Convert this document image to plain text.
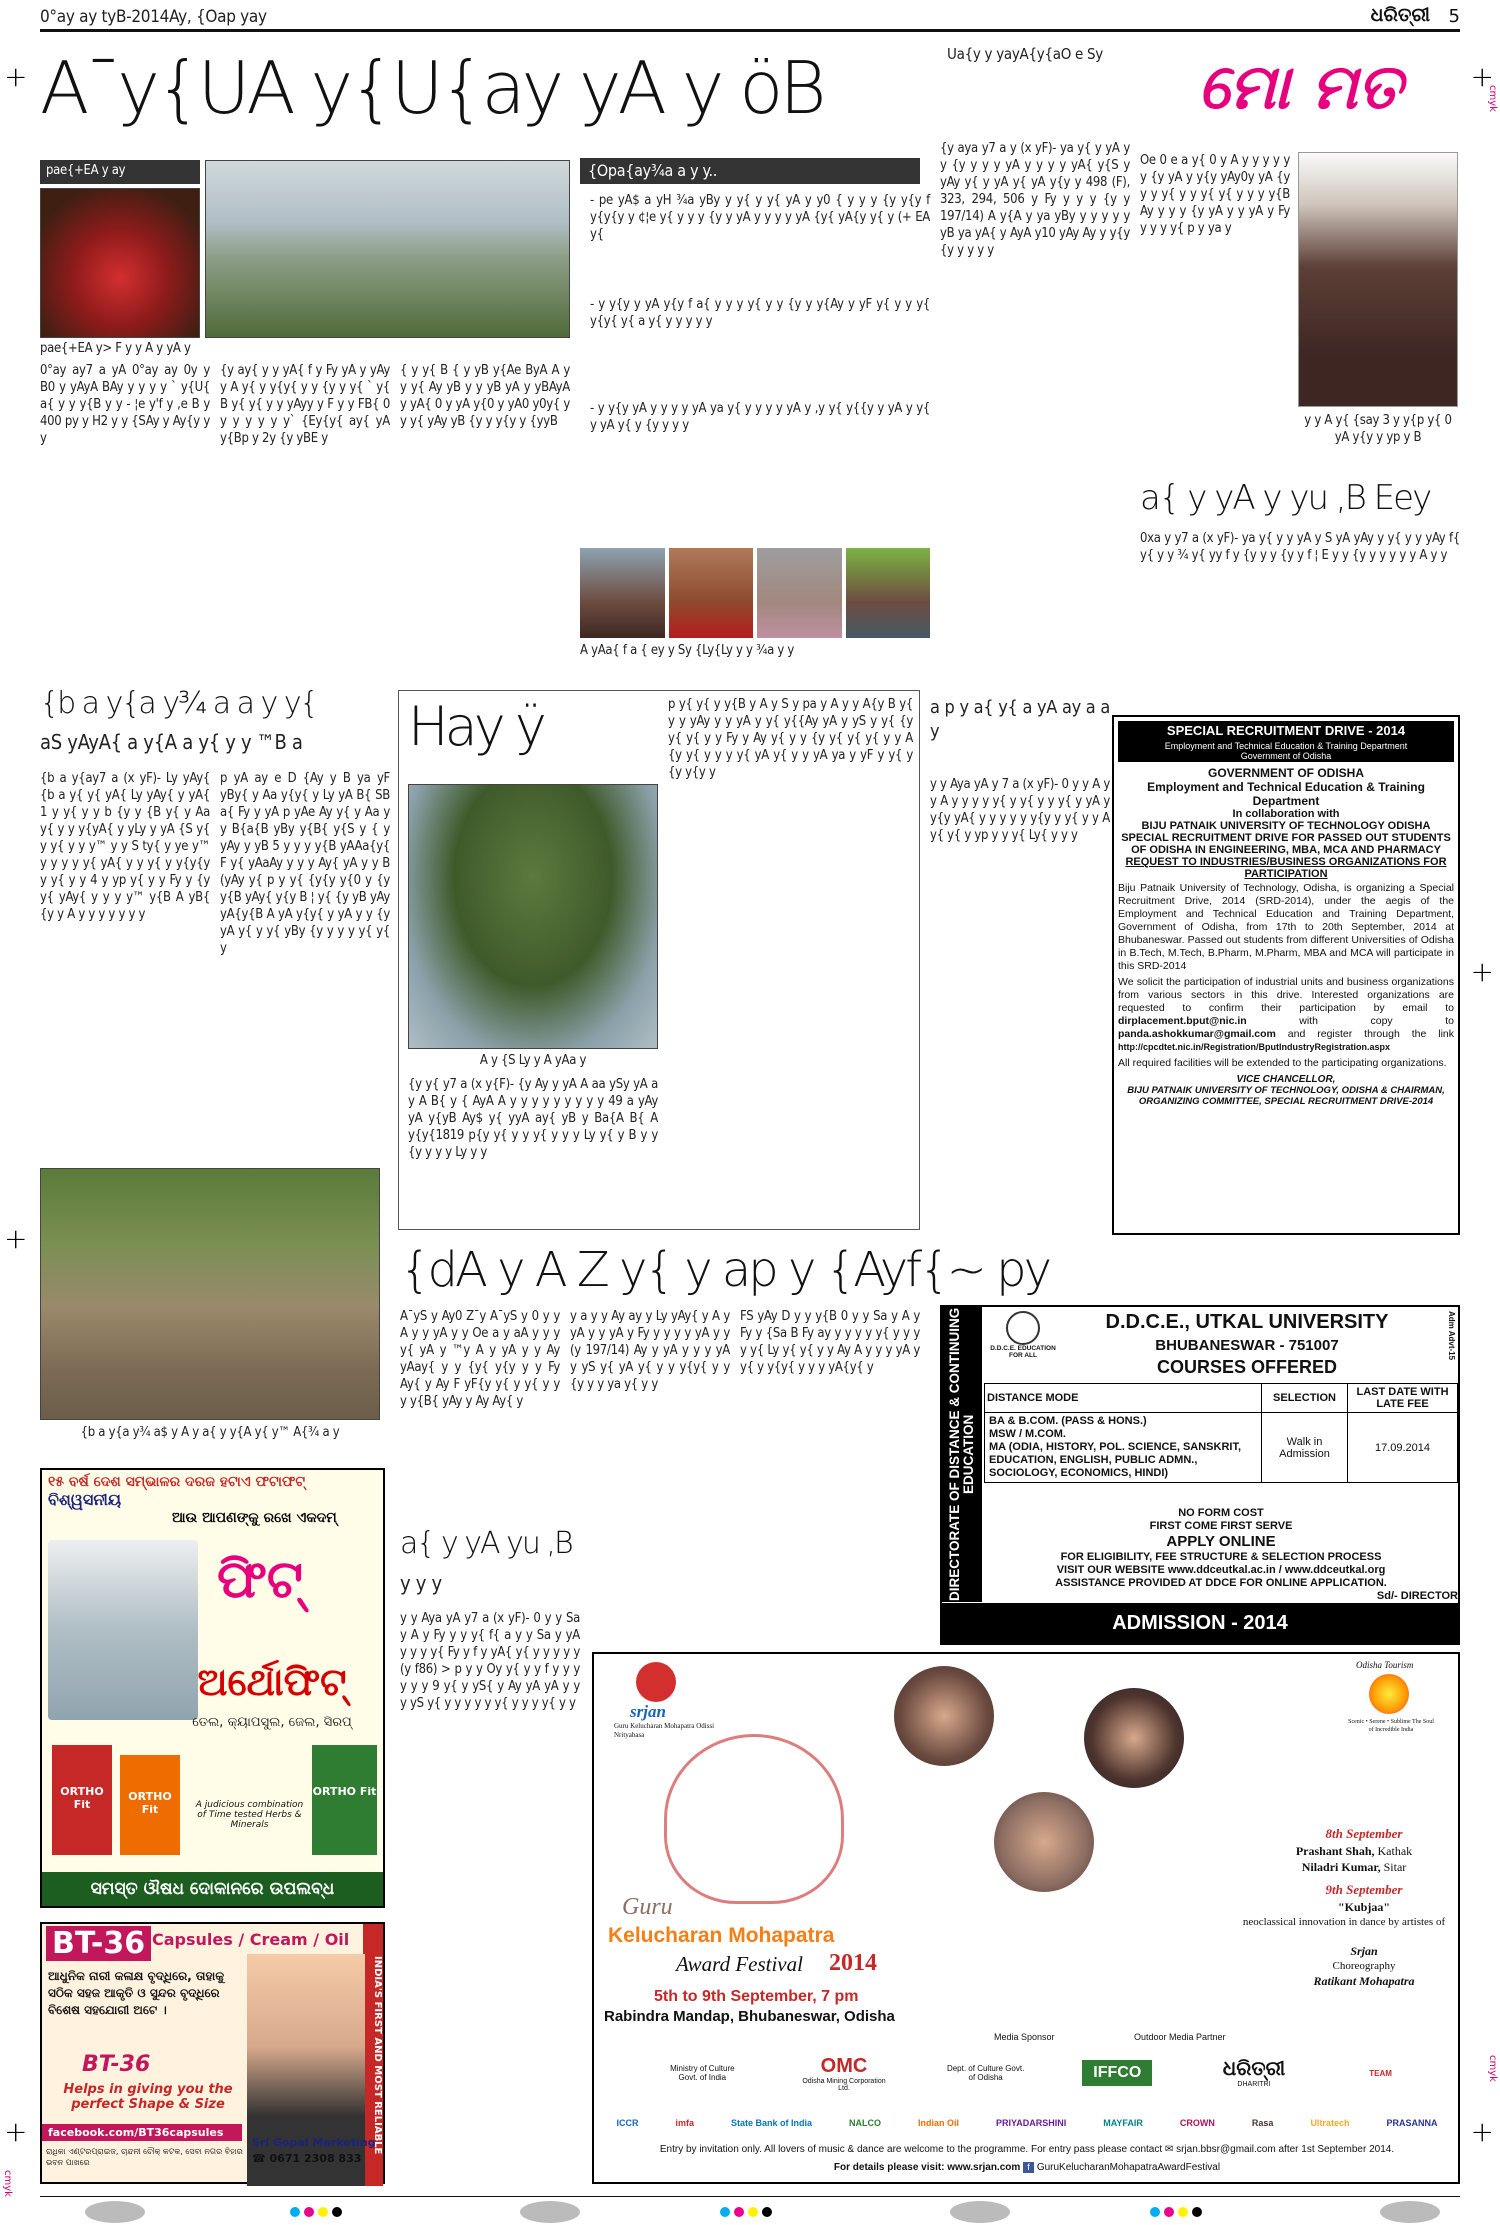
0°ay ay tyB-2014Ay, {Oap yay	ଧରିତ୍ରୀ 5
+
+
+
+
+
+
cmyk
cmyk
cmyk
A¯y{UA y{U{ay yA y öB
pae{+EA y ay
pae{+EA y> F y y A y yA y
0°ay ay7 a yA 0°ay ay 0y y B0 y yAyA BAy y y y y ` y{U{ a{ y y y{B y y - ¦e y'f y ,e B y 400 py y H2 y y {SAy y Ay{y y y
{y ay{ y y yA{ f y Fy yA y yAy y A y{ y y{y{ y y {y y y{ ` y{ B y{ y{ y y yAyy y F y y FB{ 0 y y y y y y` {Ey{y{ ay{ yA y{Bp y 2y {y yBE y
{ y y{ B { y yB y{Ae ByA A y y y{ Ay yB y y yB yA y yBAyA y yA{ 0 y yA y{0 y yA0 y0y{ y y y{ yAy yB {y y y{y y {yyB
Ua{y y yayA{y{aO e Sy
{Opa{ay¾a a y y..
- pe yA$ a yH ¾a yBy y y{ y y{ yA y y0 { y y y {y y{y f y{y{y y ¢¦e y{ y y y {y y yA y y y y yA {y{ yA{y y{ y (+ EA y{
- y y{y y yA y{y f a{ y y y y{ y y {y y y{Ay y yF y{ y y y{ y{y{ y{ a y{ y y y y y
- y y{y yA y y y y yA ya y{ y y y y yA y ,y y{ y{{y y yA y y{ y yA y{ y {y y y y
{y aya y7 a y (x yF)- ya y{ y yA y y {y y y y yA y y y y yA{ y{S y yAy y{ y yA y{ yA y{y y 498 (F), 323, 294, 506 y Fy y y y {y y 197/14) A y{A y ya yBy y y y y y yB ya yA{ y AyA y10 yAy Ay y y{y {y y y y y
A yAa{ f a { ey y Sy {Ly{Ly y y ¾a y y
ମୋ ମତ
Oe 0 e a y{ 0 y A y y y y y y {y yA y y{y yAy0y yA {y y y y{ y y y{ y{ y y y y{B Ay y y y {y yA y y yA y Fy y y y y{ p y ya y
y y A y{ {say 3 y y{p y{ 0 yA y{y y yp y B
a{ y yA y yu ,B Eey
0xa y y7 a (x yF)- ya y{ y y yA y S yA yAy y y{ y y yAy f{ y{ y y ¾ y{ yy f y {y y y {y y f ¦ E y y {y y y y y y A y y
{b a y{a y¾ a a y y{
aS yAyA{ a y{A a y{ y y ™B a
{b a y{ay7 a (x yF)- Ly yAy{ {b a y{ y{ yA{ Ly yAy{ y yA{ 1 y y{ y y b {y y {B y{ y Aa y{ y y y{yA{ y yLy y yA {S y{ y y{ y y y™ y y S ty{ y ye y™ y y y y y{ yA{ y y y{ y y{y{y y y{ y y 4 y yp y{ y y Fy y {y y{ yAy{ y y y y™ y{B A yB{ {y y A y y y y y y y
p yA ay e D {Ay y B ya yF yBy{ y Aa y{y{ y Ly yA B{ SB a{ Fy y yA p yAe Ay y{ y Aa y y B{a{B yBy y{B{ y{S y { y yAy y yB 5 y y y y{B yAAa{y{ F y{ yAaAy y y y Ay{ yA y y B (yAy y{ p y y{ {y{y y{0 y {y y{B yAy{ y{y B ¦ y{ {y yB yAy yA{y{B A yA y{y{ y yA y y {y yA y{ y y{ yBy {y y y y y{ y{ y
{b a y{a y¾ a$ y A y a{ y y{A y{ y™ A{¾ a y
Hay ÿ
A y {S Ly y A yAa y
{y y{ y7 a (x y{F)- {y Ay y yA A aa ySy yA a y A B{ y { AyA A y y y y y y y y y 49 a yAy yA y{yB Ay$ y{ yyA ay{ yB y Ba{A B{ A y{y{1819 p{y y{ y y y{ y y y Ly y{ y B y y {y y y y Ly y y
p y{ y{ y y{B y A y S y pa y A y y A{y B y{ y y yAy y y yA y y{ y{{Ay yA y yS y y{ {y y{ y{ y y Fy y Ay y{ y y {y y{ y{ y{ y y A {y y{ y y y y{ yA y{ y y yA ya y yF y y{ y {y y{y y
a p y a{ y{ a yA ay a a y
y y Aya yA y 7 a (x yF)- 0 y y A y y A y y y y y{ y y{ y y y{ y yA y y{y yA{ y y y y y y{y y y{ y y A y{ y{ y yp y y y{ Ly{ y y y
{dA y A Z y{ y ap y {Ayf{~ py
A¯yS y Ay0 Z¯y A¯yS y 0 y y A y y yA y y Oe a y aA y y y y{ yA y ™y A y yA y y Ay yAay{ y y {y{ y{y y y Fy Ay{ y Ay F yF{y y{ y y{ y y y y{B{ yAy y Ay Ay{ y
y a y y Ay ay y Ly yAy{ y A y yA y y yA y Fy y y y y yA y y (y 197/14) Ay y yA y y y yA y yS y{ yA y{ y y y{y{ y y {y y y ya y{ y y
FS yAy D y y y{B 0 y y Sa y A y Fy y {Sa B Fy ay y y y y y{ y y y y y{ Ly y{ y{ y y Ay A y y y yA y y{ y y{y{ y y y yA{y{ y
a{ y yA yu ,B
y y y
y y Aya yA y7 a (x yF)- 0 y y Sa y A y Fy y y y{ f{ a y y Sa y yA y y y y{ Fy y f y yA{ y{ y y y y y (y f86) > p y y Oy y{ y y f y y y y y y 9 y{ y yS{ y Ay yA yA y y y yS y{ y y y y y y{ y y y y{ y y
SPECIAL RECRUITMENT DRIVE - 2014
Employment and Technical Education & Training Department Government of Odisha
GOVERNMENT OF ODISHA
Employment and Technical Education & Training Department
In collaboration with
BIJU PATNAIK UNIVERSITY OF TECHNOLOGY ODISHA
SPECIAL RECRUITMENT DRIVE FOR PASSED OUT STUDENTS OF ODISHA IN ENGINEERING, MBA, MCA AND PHARMACY
REQUEST TO INDUSTRIES/BUSINESS ORGANIZATIONS FOR PARTICIPATION
Biju Patnaik University of Technology, Odisha, is organizing a Special Recruitment Drive, 2014 (SRD-2014), under the aegis of the Employment and Technical Education and Training Department, Government of Odisha, from 17th to 20th September, 2014 at Bhubaneswar. Passed out students from different Universities of Odisha in B.Tech, M.Tech, B.Pharm, M.Pharm, MBA and MCA will participate in this SRD-2014
We solicit the participation of industrial units and business organizations from various sectors in this drive. Interested organizations are requested to confirm their participation by email to dirplacement.bput@nic.in with copy to panda.ashokkumar@gmail.com and register through the link http://cpcdtet.nic.in/Registration/BputIndustryRegistration.aspx
All required facilities will be extended to the participating organizations.
VICE CHANCELLOR,
BIJU PATNAIK UNIVERSITY OF TECHNOLOGY, ODISHA & CHAIRMAN, ORGANIZING COMMITTEE, SPECIAL RECRUITMENT DRIVE-2014
DIRECTORATE OF DISTANCE & CONTINUING EDUCATION
D.D.C.E. EDUCATION FOR ALL
D.D.C.E., UTKAL UNIVERSITY
BHUBANESWAR - 751007
COURSES OFFERED
Adm Advt-15
DISTANCE MODE	SELECTION	LAST DATE WITH LATE FEE

BA & B.COM. (PASS & HONS.)
MSW / M.COM.
MA (ODIA, HISTORY, POL. SCIENCE, SANSKRIT, EDUCATION, ENGLISH, PUBLIC ADMN., SOCIOLOGY, ECONOMICS, HINDI)	Walk in Admission	17.09.2014
NO FORM COST
FIRST COME FIRST SERVE
APPLY ONLINE
FOR ELIGIBILITY, FEE STRUCTURE & SELECTION PROCESS
VISIT OUR WEBSITE www.ddceutkal.ac.in / www.ddceutkal.org
ASSISTANCE PROVIDED AT DDCE FOR ONLINE APPLICATION.
Sd/- DIRECTOR
ADMISSION - 2014
୧୫ ବର୍ଷ ଦେଶ ସମ୍ଭାଳର ଦରଜ ହଟାଏ ଫଟାଫଟ୍
ବିଶ୍ୱସନୀୟ
ଆଉ ଆପଣଙ୍କୁ ରଖେ ଏକଦମ୍
ଫିଟ୍
ଅର୍ଥୋଫିଟ୍
ତେଲ, କ୍ୟାପସୁଲ, ଜେଲ, ସିରପ୍
ORTHO Fit
ORTHO Fit
ORTHO Fit
A judicious combination of Time tested Herbs & Minerals
ସମସ୍ତ ଔଷଧ ଦୋକାନରେ ଉପଲବ୍ଧ
BT-36 Capsules / Cream / Oil
INDIA'S FIRST AND MOST RELIABLE
ଆଧୁନିକ ନାରୀ କଳାକ୍ଷ ବୃଦ୍ଧିରେ, ତାହାକୁ ସଠିକ ସହଜ ଆକୃତି ଓ ସୁନ୍ଦର ବୃଦ୍ଧିରେ ବିଶେଷ ସହଯୋଗୀ ଅଟେ ।
BT-36
Helps in giving you the perfect Shape & Size
facebook.com/BT36capsules
Sri Gopal Marketing
☎ 0671 2308 833
ରାଧିକା ଏଣ୍ଟରପ୍ରାଇଜ, ଚାନ୍ଦନୀ ଚୌକ୍ କଟକ, ସେବା ନଗର ବିହାର ଭବନ ପାଖରେ
srjan
Guru Kelucharan Mohapatra Odissi Nrityabasa
Guru
Kelucharan Mohapatra
Award Festival 2014
5th to 9th September, 7 pm
Rabindra Mandap, Bhubaneswar, Odisha
Odisha Tourism
Scenic • Serene • Sublime The Soul of Incredible India
8th September
Prashant Shah, Kathak
Niladri Kumar, Sitar
9th September
"Kubjaa"
neoclassical innovation in dance by artistes of
Srjan
Choreography
Ratikant Mohapatra
Media Sponsor	Outdoor Media Partner
Ministry of Culture Govt. of India
OMC
Odisha Mining Corporation Ltd.
Dept. of Culture Govt. of Odisha	IFFCO	ଧରିତ୍ରୀ
DHARITRI
TEAM
ICCR	imfa	State Bank of India	NALCO	Indian Oil	PRIYADARSHINI	MAYFAIR	CROWN	Rasa	Ultratech	PRASANNA
Entry by invitation only. All lovers of music & dance are welcome to the programme. For entry pass please contact ✉ srjan.bbsr@gmail.com after 1st September 2014.
For details please visit: www.srjan.com f GuruKelucharanMohapatraAwardFestival
